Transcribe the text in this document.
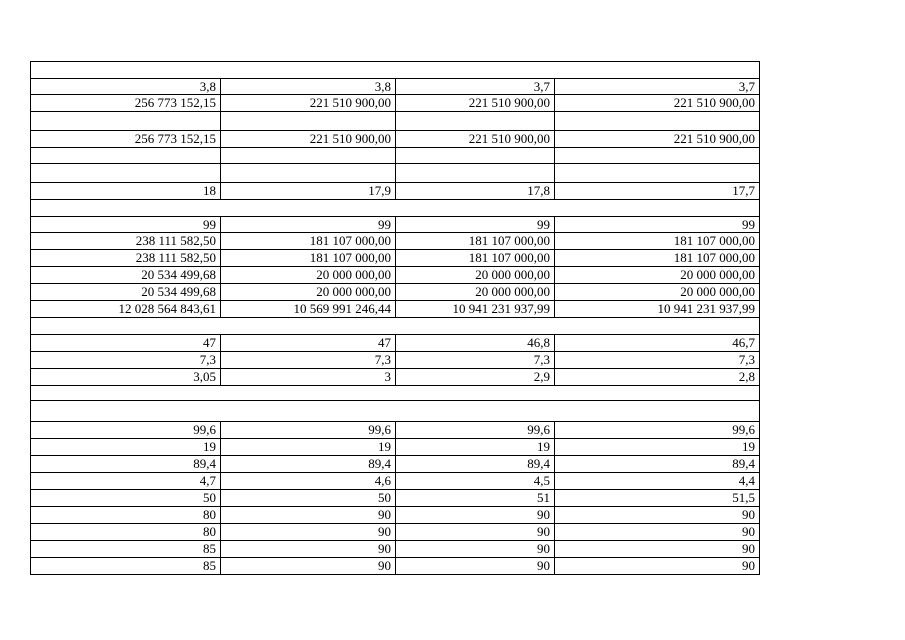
3,8	3,8	3,7	3,7
256 773 152,15	221 510 900,00	221 510 900,00	221 510 900,00

256 773 152,15	221 510 900,00	221 510 900,00	221 510 900,00

18	17,9	17,8	17,7

99	99	99	99
238 111 582,50	181 107 000,00	181 107 000,00	181 107 000,00
238 111 582,50	181 107 000,00	181 107 000,00	181 107 000,00
20 534 499,68	20 000 000,00	20 000 000,00	20 000 000,00
20 534 499,68	20 000 000,00	20 000 000,00	20 000 000,00
12 028 564 843,61	10 569 991 246,44	10 941 231 937,99	10 941 231 937,99

47	47	46,8	46,7
7,3	7,3	7,3	7,3
3,05	3	2,9	2,8

99,6	99,6	99,6	99,6
19	19	19	19
89,4	89,4	89,4	89,4
4,7	4,6	4,5	4,4
50	50	51	51,5
80	90	90	90
80	90	90	90
85	90	90	90
85	90	90	90
